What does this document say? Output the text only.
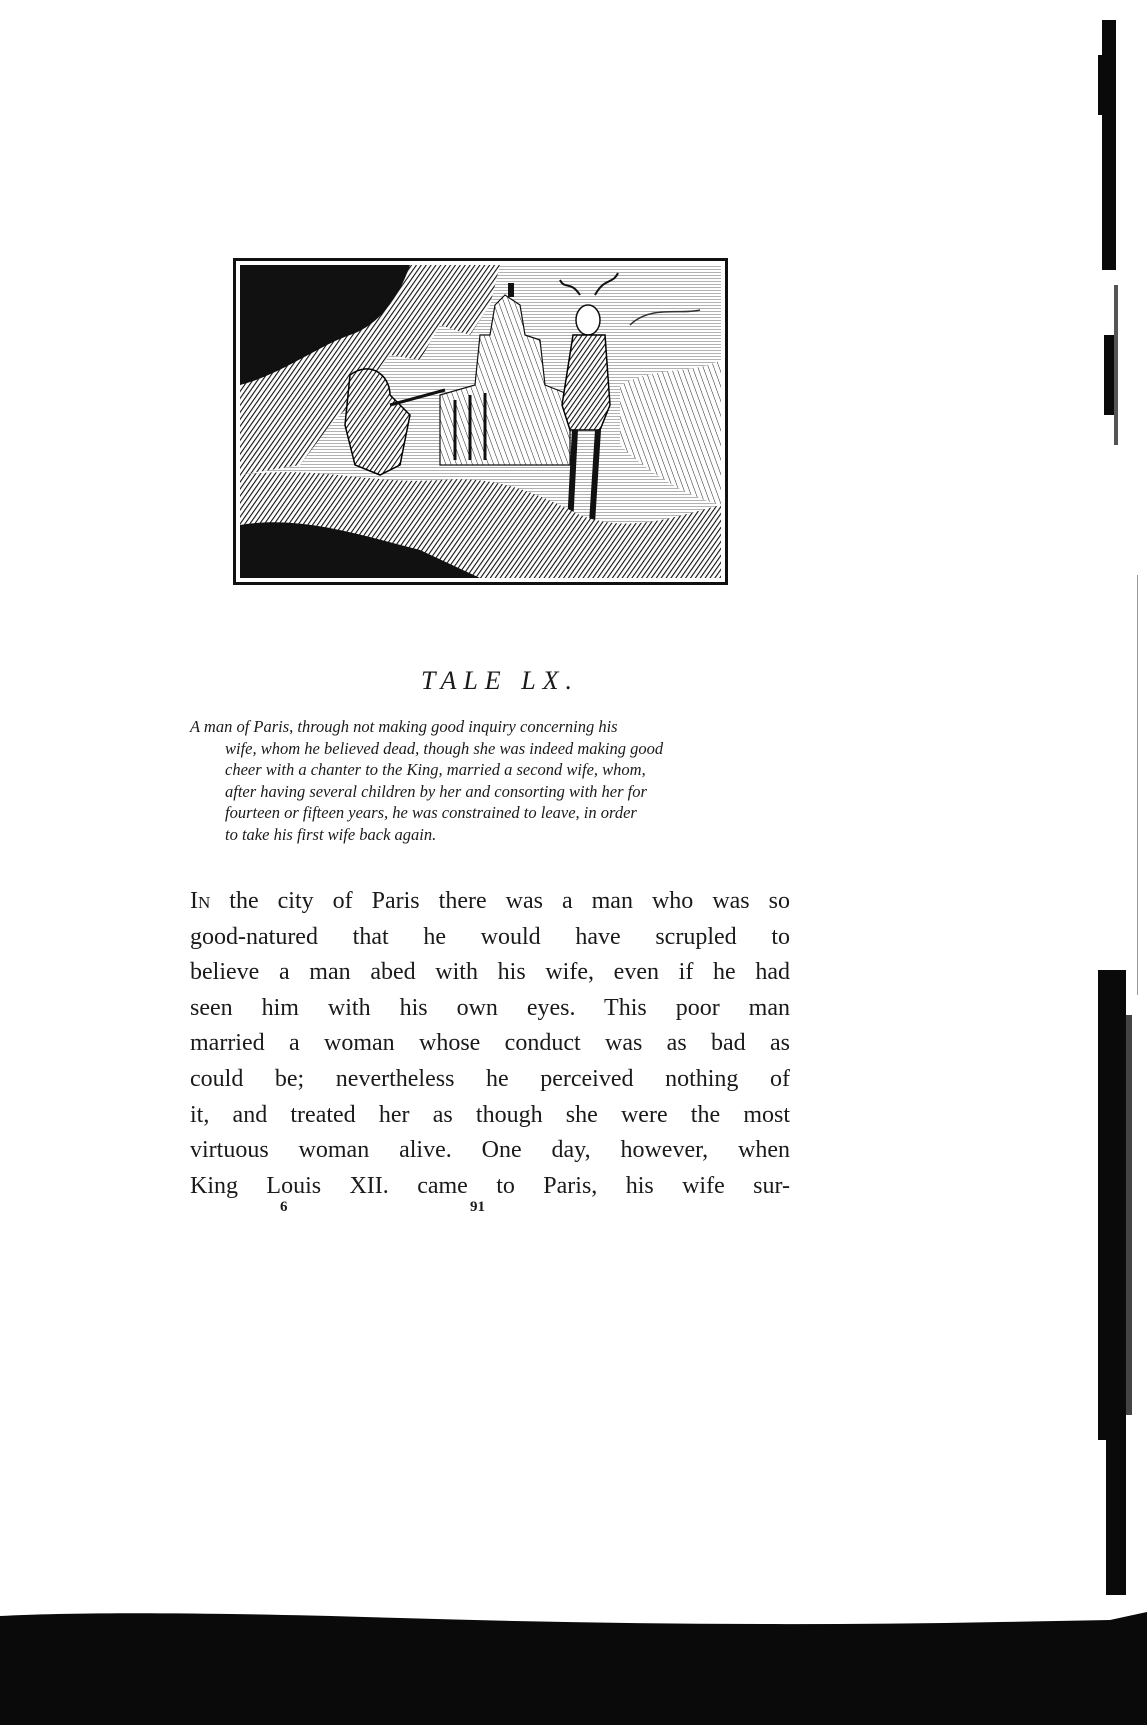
TALE LX.
A man of Paris, through not making good inquiry concerning his
wife, whom he believed dead, though she was indeed making good
cheer with a chanter to the King, married a second wife, whom,
after having several children by her and consorting with her for
fourteen or fifteen years, he was constrained to leave, in order
to take his first wife back again.
In the city of Paris there was a man who was so
good-natured that he would have scrupled to
believe a man abed with his wife, even if he had
seen him with his own eyes. This poor man
married a woman whose conduct was as bad as
could be; nevertheless he perceived nothing of
it, and treated her as though she were the most
virtuous woman alive. One day, however, when
King Louis XII. came to Paris, his wife sur-
6	91
